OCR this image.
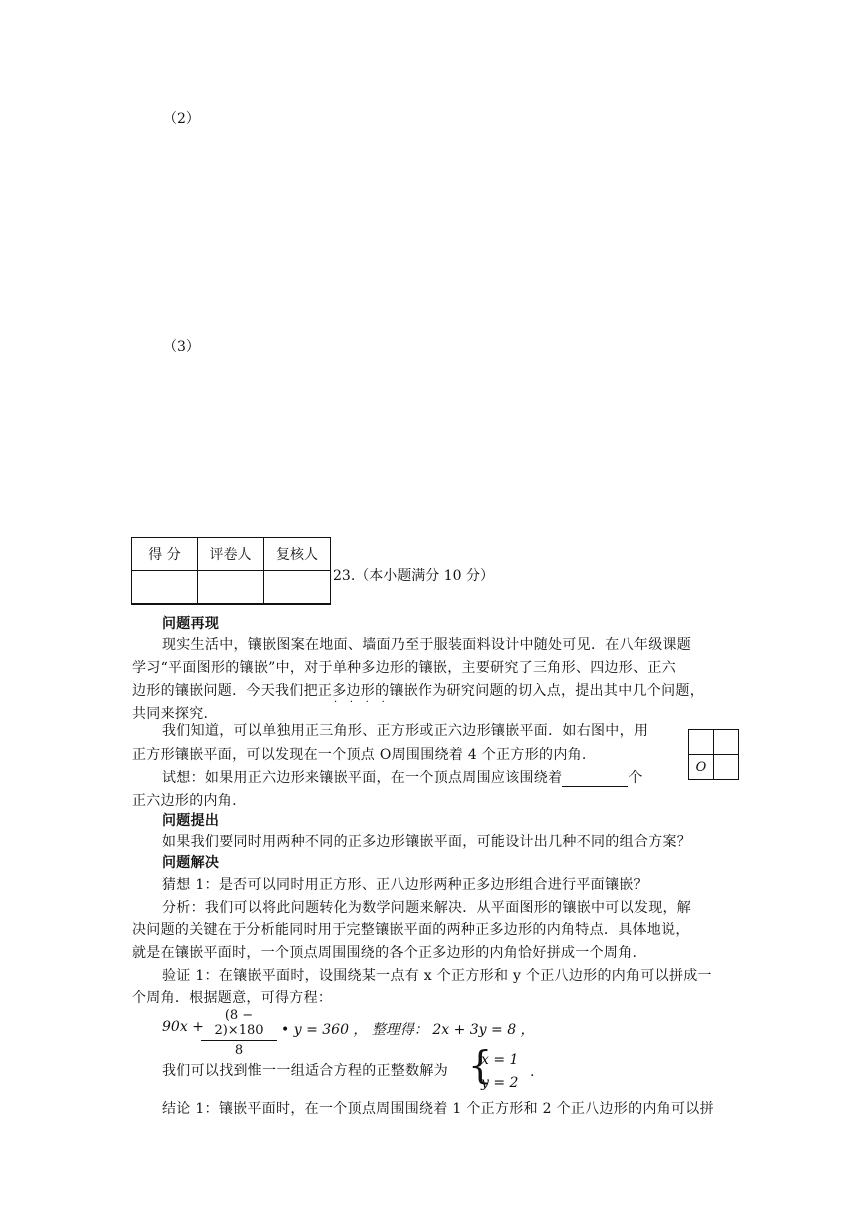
（2）
（3）
得 分	评卷人	复核人

23.（本小题满分 10 分）
问题再现
现实生活中，镶嵌图案在地面、墙面乃至于服装面料设计中随处可见．在八年级课题
学习“平面图形的镶嵌”中，对于单种多边形的镶嵌，主要研究了三角形、四边形、正六
边形的镶嵌问题．今天我们把正多边形的镶嵌作为研究问题的切入点，提出其中几个问题，
·    ·    ·    ·
共同来探究.
我们知道，可以单独用正三角形、正方形或正六边形镶嵌平面．如右图中，用
正方形镶嵌平面，可以发现在一个顶点 O周围围绕着 4 个正方形的内角.
试想：如果用正六边形来镶嵌平面，在一个顶点周围应该围绕着	个
正六边形的内角.

O	
问题提出
如果我们要同时用两种不同的正多边形镶嵌平面，可能设计出几种不同的组合方案？
问题解决
猜想 1：是否可以同时用正方形、正八边形两种正多边形组合进行平面镶嵌？
分析：我们可以将此问题转化为数学问题来解决．从平面图形的镶嵌中可以发现，解
决问题的关键在于分析能同时用于完整镶嵌平面的两种正多边形的内角特点．具体地说，
就是在镶嵌平面时，一个顶点周围围绕的各个正多边形的内角恰好拼成一个周角.
验证 1：在镶嵌平面时，设围绕某一点有 x 个正方形和 y 个正八边形的内角可以拼成一
个周角．根据题意，可得方程：
90x +
$\frac{(8 - 2)\times 180}{8}$ • y = 360 ， 整理得： 2x + 3y = 8 ，
我们可以找到惟一一组适合方程的正整数解为 {
x = 1
y = 2
.
结论 1：镶嵌平面时，在一个顶点周围围绕着 1 个正方形和 2 个正八边形的内角可以拼
